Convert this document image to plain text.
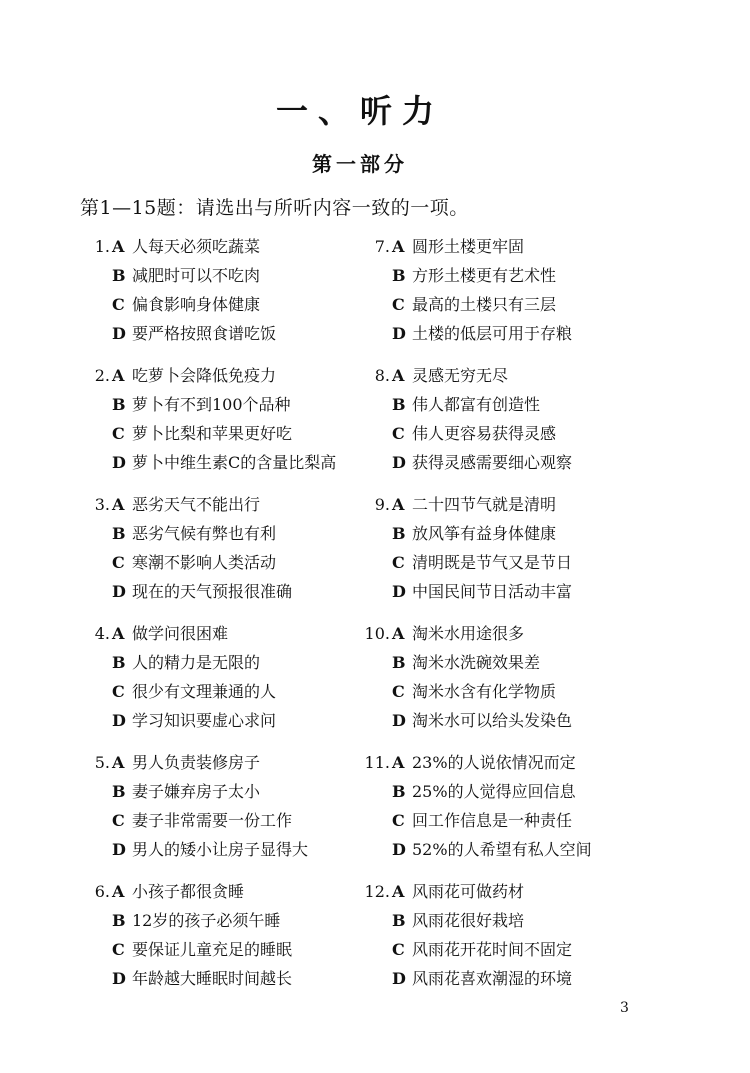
一、听力
第一部分
第1—15题：请选出与所听内容一致的一项。
1. A 人每天必须吃蔬菜
B 减肥时可以不吃肉
C 偏食影响身体健康
D 要严格按照食谱吃饭
2. A 吃萝卜会降低免疫力
B 萝卜有不到100个品种
C 萝卜比梨和苹果更好吃
D 萝卜中维生素C的含量比梨高
3. A 恶劣天气不能出行
B 恶劣气候有弊也有利
C 寒潮不影响人类活动
D 现在的天气预报很准确
4. A 做学问很困难
B 人的精力是无限的
C 很少有文理兼通的人
D 学习知识要虚心求问
5. A 男人负责装修房子
B 妻子嫌弃房子太小
C 妻子非常需要一份工作
D 男人的矮小让房子显得大
6. A 小孩子都很贪睡
B 12岁的孩子必须午睡
C 要保证儿童充足的睡眠
D 年龄越大睡眠时间越长
7. A 圆形土楼更牢固
B 方形土楼更有艺术性
C 最高的土楼只有三层
D 土楼的低层可用于存粮
8. A 灵感无穷无尽
B 伟人都富有创造性
C 伟人更容易获得灵感
D 获得灵感需要细心观察
9. A 二十四节气就是清明
B 放风筝有益身体健康
C 清明既是节气又是节日
D 中国民间节日活动丰富
10. A 淘米水用途很多
B 淘米水洗碗效果差
C 淘米水含有化学物质
D 淘米水可以给头发染色
11. A 23%的人说依情况而定
B 25%的人觉得应回信息
C 回工作信息是一种责任
D 52%的人希望有私人空间
12. A 风雨花可做药材
B 风雨花很好栽培
C 风雨花开花时间不固定
D 风雨花喜欢潮湿的环境
3
